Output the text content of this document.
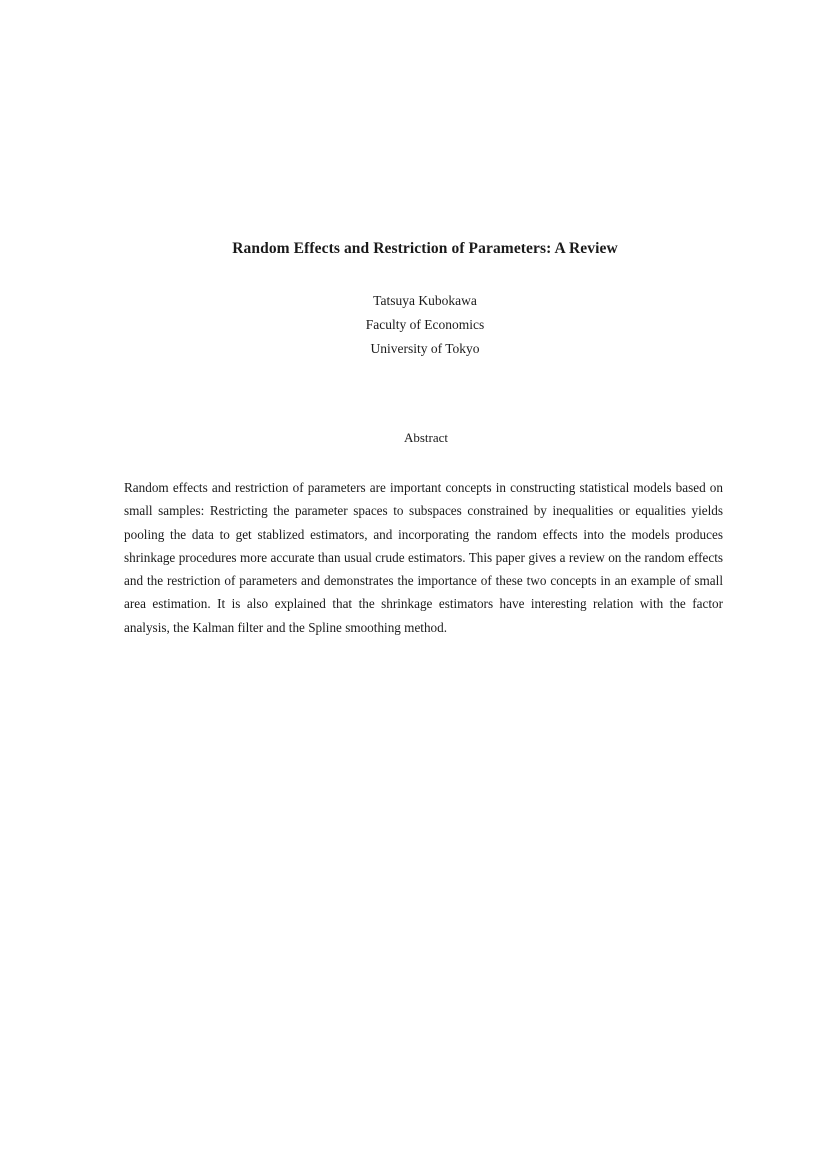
Random Effects and Restriction of Parameters: A Review
Tatsuya Kubokawa
Faculty of Economics
University of Tokyo
Abstract
Random effects and restriction of parameters are important concepts in constructing statistical models based on small samples: Restricting the parameter spaces to subspaces constrained by inequalities or equalities yields pooling the data to get stablized estimators, and incorporating the random effects into the models produces shrinkage procedures more accurate than usual crude estimators. This paper gives a review on the random effects and the restriction of parameters and demonstrates the importance of these two concepts in an example of small area estimation. It is also explained that the shrinkage estimators have interesting relation with the factor analysis, the Kalman filter and the Spline smoothing method.
